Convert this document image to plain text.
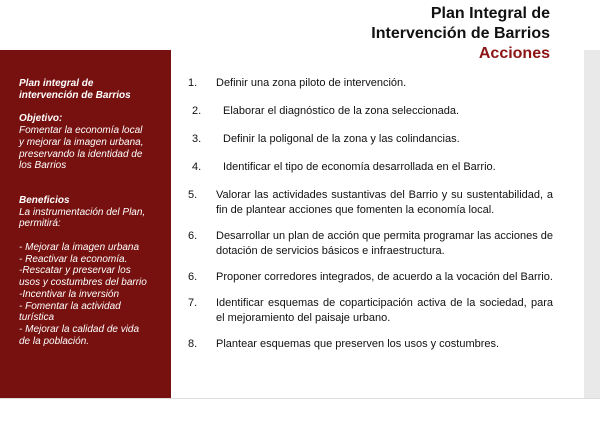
Plan Integral de
Intervención de Barrios
Acciones

Plan integral de
intervención de Barrios

Objetivo:

Fomentar la economía local
y mejorar la imagen urbana,
preservando la identidad de
los Barrios

Beneficios

La instrumentación del Plan,
permitirá:

- Mejorar la imagen urbana
- Reactivar la economía.
-Rescatar y preservar los
usos y costumbres del barrio
-Incentivar la inversión
- Fomentar la actividad
turística
- Mejorar la calidad de vida
de la población.

1.	Definir una zona piloto de intervención.
2.	Elaborar el diagnóstico de la zona seleccionada.
3.	Definir la poligonal de la zona y las colindancias.
4.	Identificar el tipo de economía desarrollada en el Barrio.
5.	Valorar las actividades sustantivas del Barrio y su sustentabilidad, a fin de plantear acciones que fomenten la economía local.
6.	Desarrollar un plan de acción que permita programar las acciones de dotación de servicios básicos e infraestructura.
6.	Proponer corredores integrados, de acuerdo a la vocación del Barrio.
7.	Identificar esquemas de coparticipación activa de la sociedad, para el mejoramiento del paisaje urbano.
8.	Plantear esquemas que preserven los usos y costumbres.
